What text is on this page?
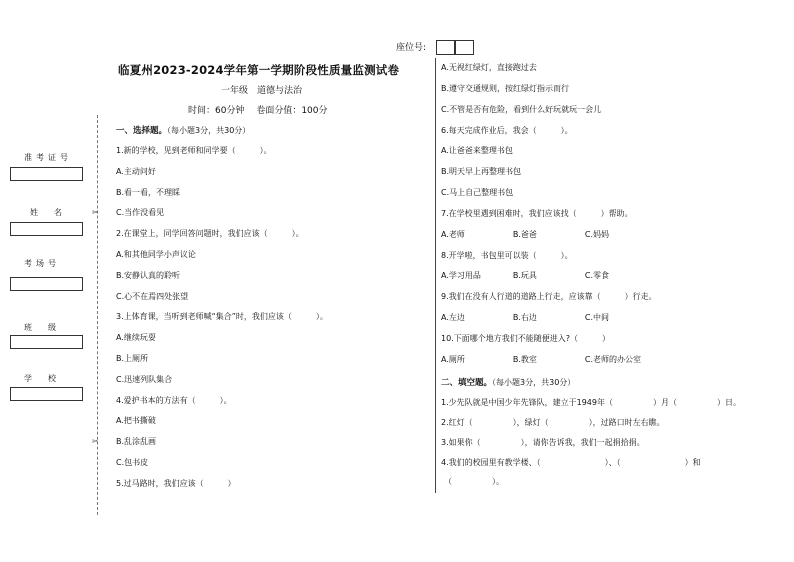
座位号:
临夏州2023-2024学年第一学期阶段性质量监测试卷
一年级　道德与法治
时间：60分钟　 卷面分值：100分
准考证号
姓　名
考场号
班　级
学　校
✂
✂
一、选择题。（每小题3分，共30分）
1.新的学校，见到老师和同学要（　　　）。
A.主动问好
B.看一看，不理睬
C.当作没看见
2.在课堂上，同学回答问题时，我们应该（　　　）。
A.和其他同学小声议论
B.安静认真的聆听
C.心不在焉四处张望
3.上体育课，当听到老师喊“集合”时，我们应该（　　　）。
A.继续玩耍
B.上厕所
C.迅速列队集合
4.爱护书本的方法有（　　　）。
A.把书撕破
B.乱涂乱画
C.包书皮
5.过马路时，我们应该（　　　）
A.无视红绿灯，直接跑过去
B.遵守交通规则，按红绿灯指示而行
C.不管是否有危险，看到什么好玩就玩一会儿
6.每天完成作业后，我会（　　　）。
A.让爸爸来整理书包
B.明天早上再整理书包
C.马上自己整理书包
7.在学校里遇到困难时，我们应该找（　　　）帮助。
A.老师　　　　　　B.爸爸　　　　　　C.妈妈
8.开学啦，书包里可以装（　　　）。
A.学习用品　　　　B.玩具　　　　　　C.零食
9.我们在没有人行道的道路上行走，应该靠（　　　）行走。
A.左边　　　　　　B.右边　　　　　　C.中间
10.下面哪个地方我们不能随便进入?（　　　）
A.厕所　　　　　　B.教室　　　　　　C.老师的办公室
二、填空题。（每小题3分，共30分）
1.少先队就是中国少年先锋队，建立于1949年（　　　　　）月（　　　　　）日。
2.红灯（　　　　　），绿灯（　　　　　），过路口时左右瞧。
3.如果你（　　　　　），请你告诉我，我们一起捐拾捐。
4.我们的校园里有教学楼、（　　　　　　　　）、（　　　　　　　　）和
（　　　　　）。
